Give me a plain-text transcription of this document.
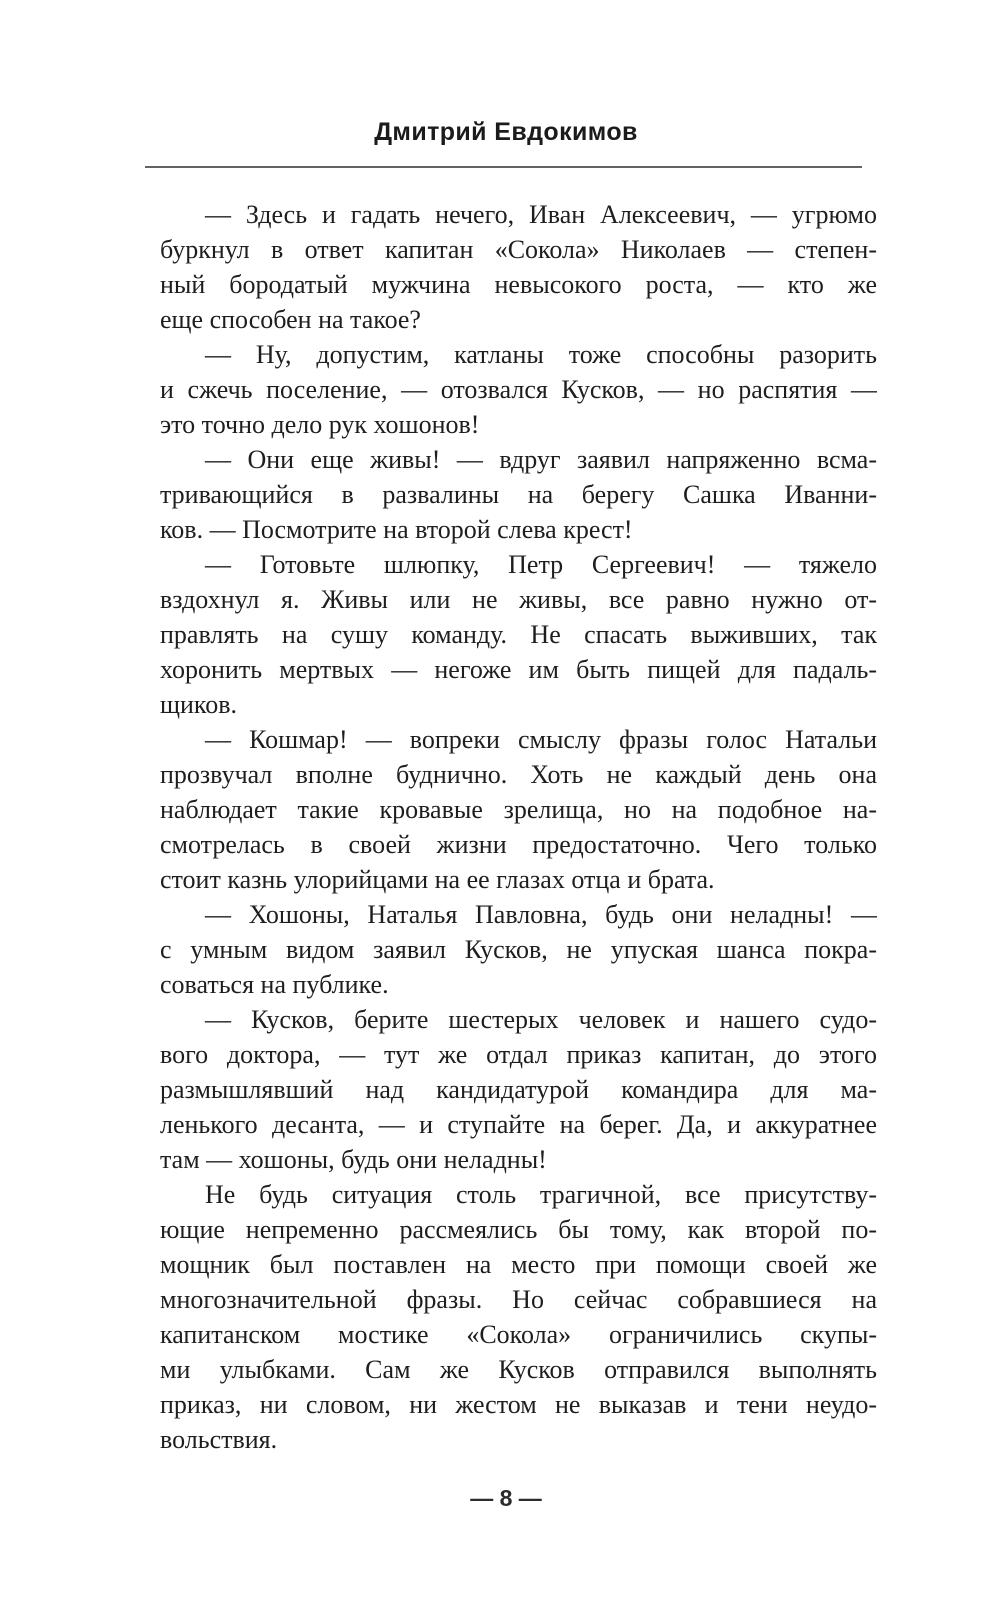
Дмитрий Евдокимов
— Здесь и гадать нечего, Иван Алексеевич, — угрюмо
буркнул в ответ капитан «Сокола» Николаев — степен-
ный бородатый мужчина невысокого роста, — кто же
еще способен на такое?
— Ну, допустим, катланы тоже способны разорить
и сжечь поселение, — отозвался Кусков, — но распятия —
это точно дело рук хошонов!
— Они еще живы! — вдруг заявил напряженно всма-
тривающийся в развалины на берегу Сашка Иванни-
ков. — Посмотрите на второй слева крест!
— Готовьте шлюпку, Петр Сергеевич! — тяжело
вздохнул я. Живы или не живы, все равно нужно от-
правлять на сушу команду. Не спасать выживших, так
хоронить мертвых — негоже им быть пищей для падаль-
щиков.
— Кошмар! — вопреки смыслу фразы голос Натальи
прозвучал вполне буднично. Хоть не каждый день она
наблюдает такие кровавые зрелища, но на подобное на-
смотрелась в своей жизни предостаточно. Чего только
стоит казнь улорийцами на ее глазах отца и брата.
— Хошоны, Наталья Павловна, будь они неладны! —
с умным видом заявил Кусков, не упуская шанса покра-
соваться на публике.
— Кусков, берите шестерых человек и нашего судо-
вого доктора, — тут же отдал приказ капитан, до этого
размышлявший над кандидатурой командира для ма-
ленького десанта, — и ступайте на берег. Да, и аккуратнее
там — хошоны, будь они неладны!
Не будь ситуация столь трагичной, все присутству-
ющие непременно рассмеялись бы тому, как второй по-
мощник был поставлен на место при помощи своей же
многозначительной фразы. Но сейчас собравшиеся на
капитанском мостике «Сокола» ограничились скупы-
ми улыбками. Сам же Кусков отправился выполнять
приказ, ни словом, ни жестом не выказав и тени неудо-
вольствия.
— 8 —
